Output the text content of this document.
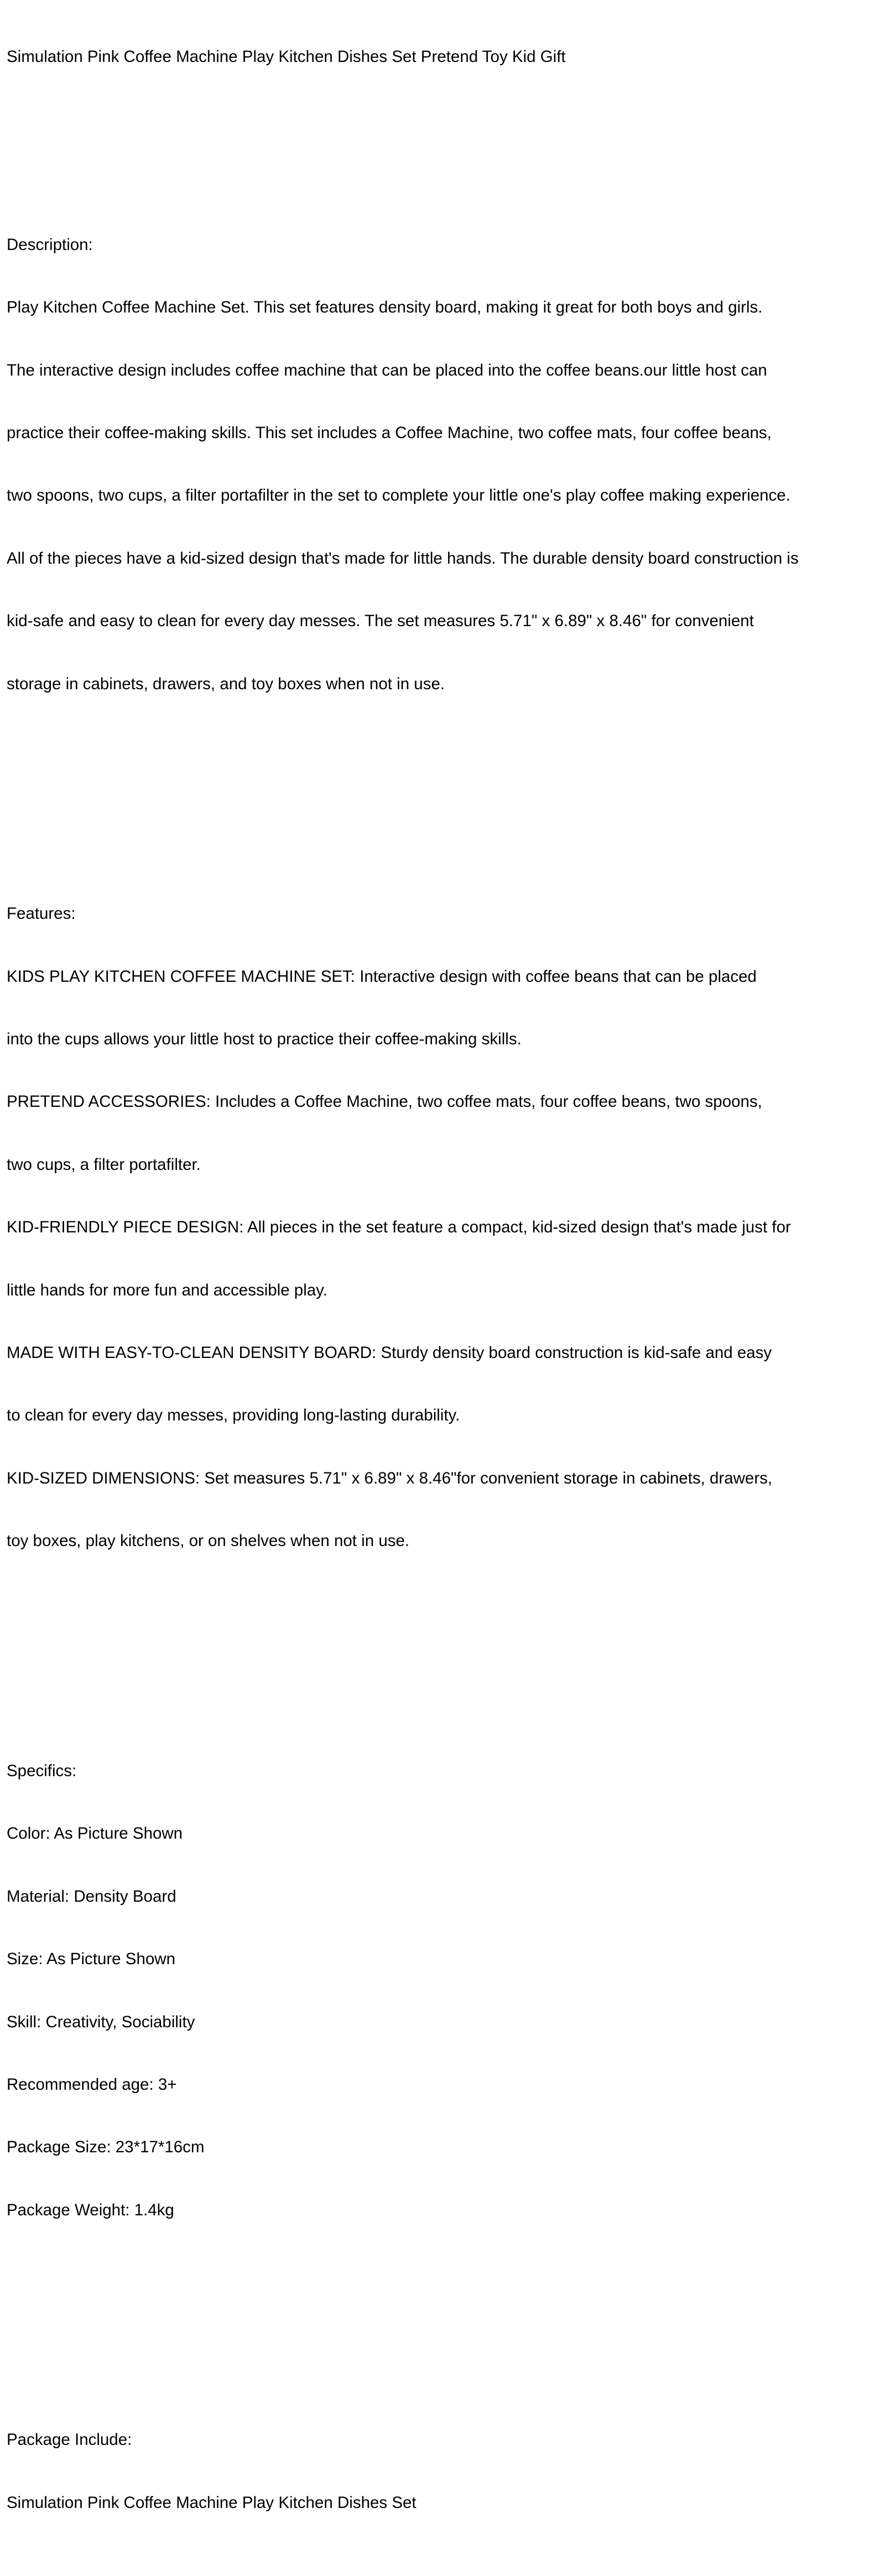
Simulation Pink Coffee Machine Play Kitchen Dishes Set Pretend Toy Kid Gift

Description:

Play Kitchen Coffee Machine Set. This set features density board, making it great for both boys and girls.

The interactive design includes coffee machine that can be placed into the coffee beans.our little host can

practice their coffee-making skills. This set includes a Coffee Machine, two coffee mats, four coffee beans,

two spoons, two cups, a filter portafilter in the set to complete your little one's play coffee making experience.

All of the pieces have a kid-sized design that's made for little hands. The durable density board construction is

kid-safe and easy to clean for every day messes. The set measures 5.71" x 6.89" x 8.46" for convenient

storage in cabinets, drawers, and toy boxes when not in use.

Features:

KIDS PLAY KITCHEN COFFEE MACHINE SET: Interactive design with coffee beans that can be placed

into the cups allows your little host to practice their coffee-making skills.

PRETEND ACCESSORIES: Includes a Coffee Machine, two coffee mats, four coffee beans, two spoons,

two cups, a filter portafilter.

KID-FRIENDLY PIECE DESIGN: All pieces in the set feature a compact, kid-sized design that's made just for

little hands for more fun and accessible play.

MADE WITH EASY-TO-CLEAN DENSITY BOARD: Sturdy density board construction is kid-safe and easy

to clean for every day messes, providing long-lasting durability.

KID-SIZED DIMENSIONS: Set measures 5.71" x 6.89" x 8.46"for convenient storage in cabinets, drawers,

toy boxes, play kitchens, or on shelves when not in use.

Specifics:

Color: As Picture Shown

Material: Density Board

Size: As Picture Shown

Skill: Creativity, Sociability

Recommended age: 3+

Package Size: 23*17*16cm

Package Weight: 1.4kg

Package Include:

Simulation Pink Coffee Machine Play Kitchen Dishes Set
